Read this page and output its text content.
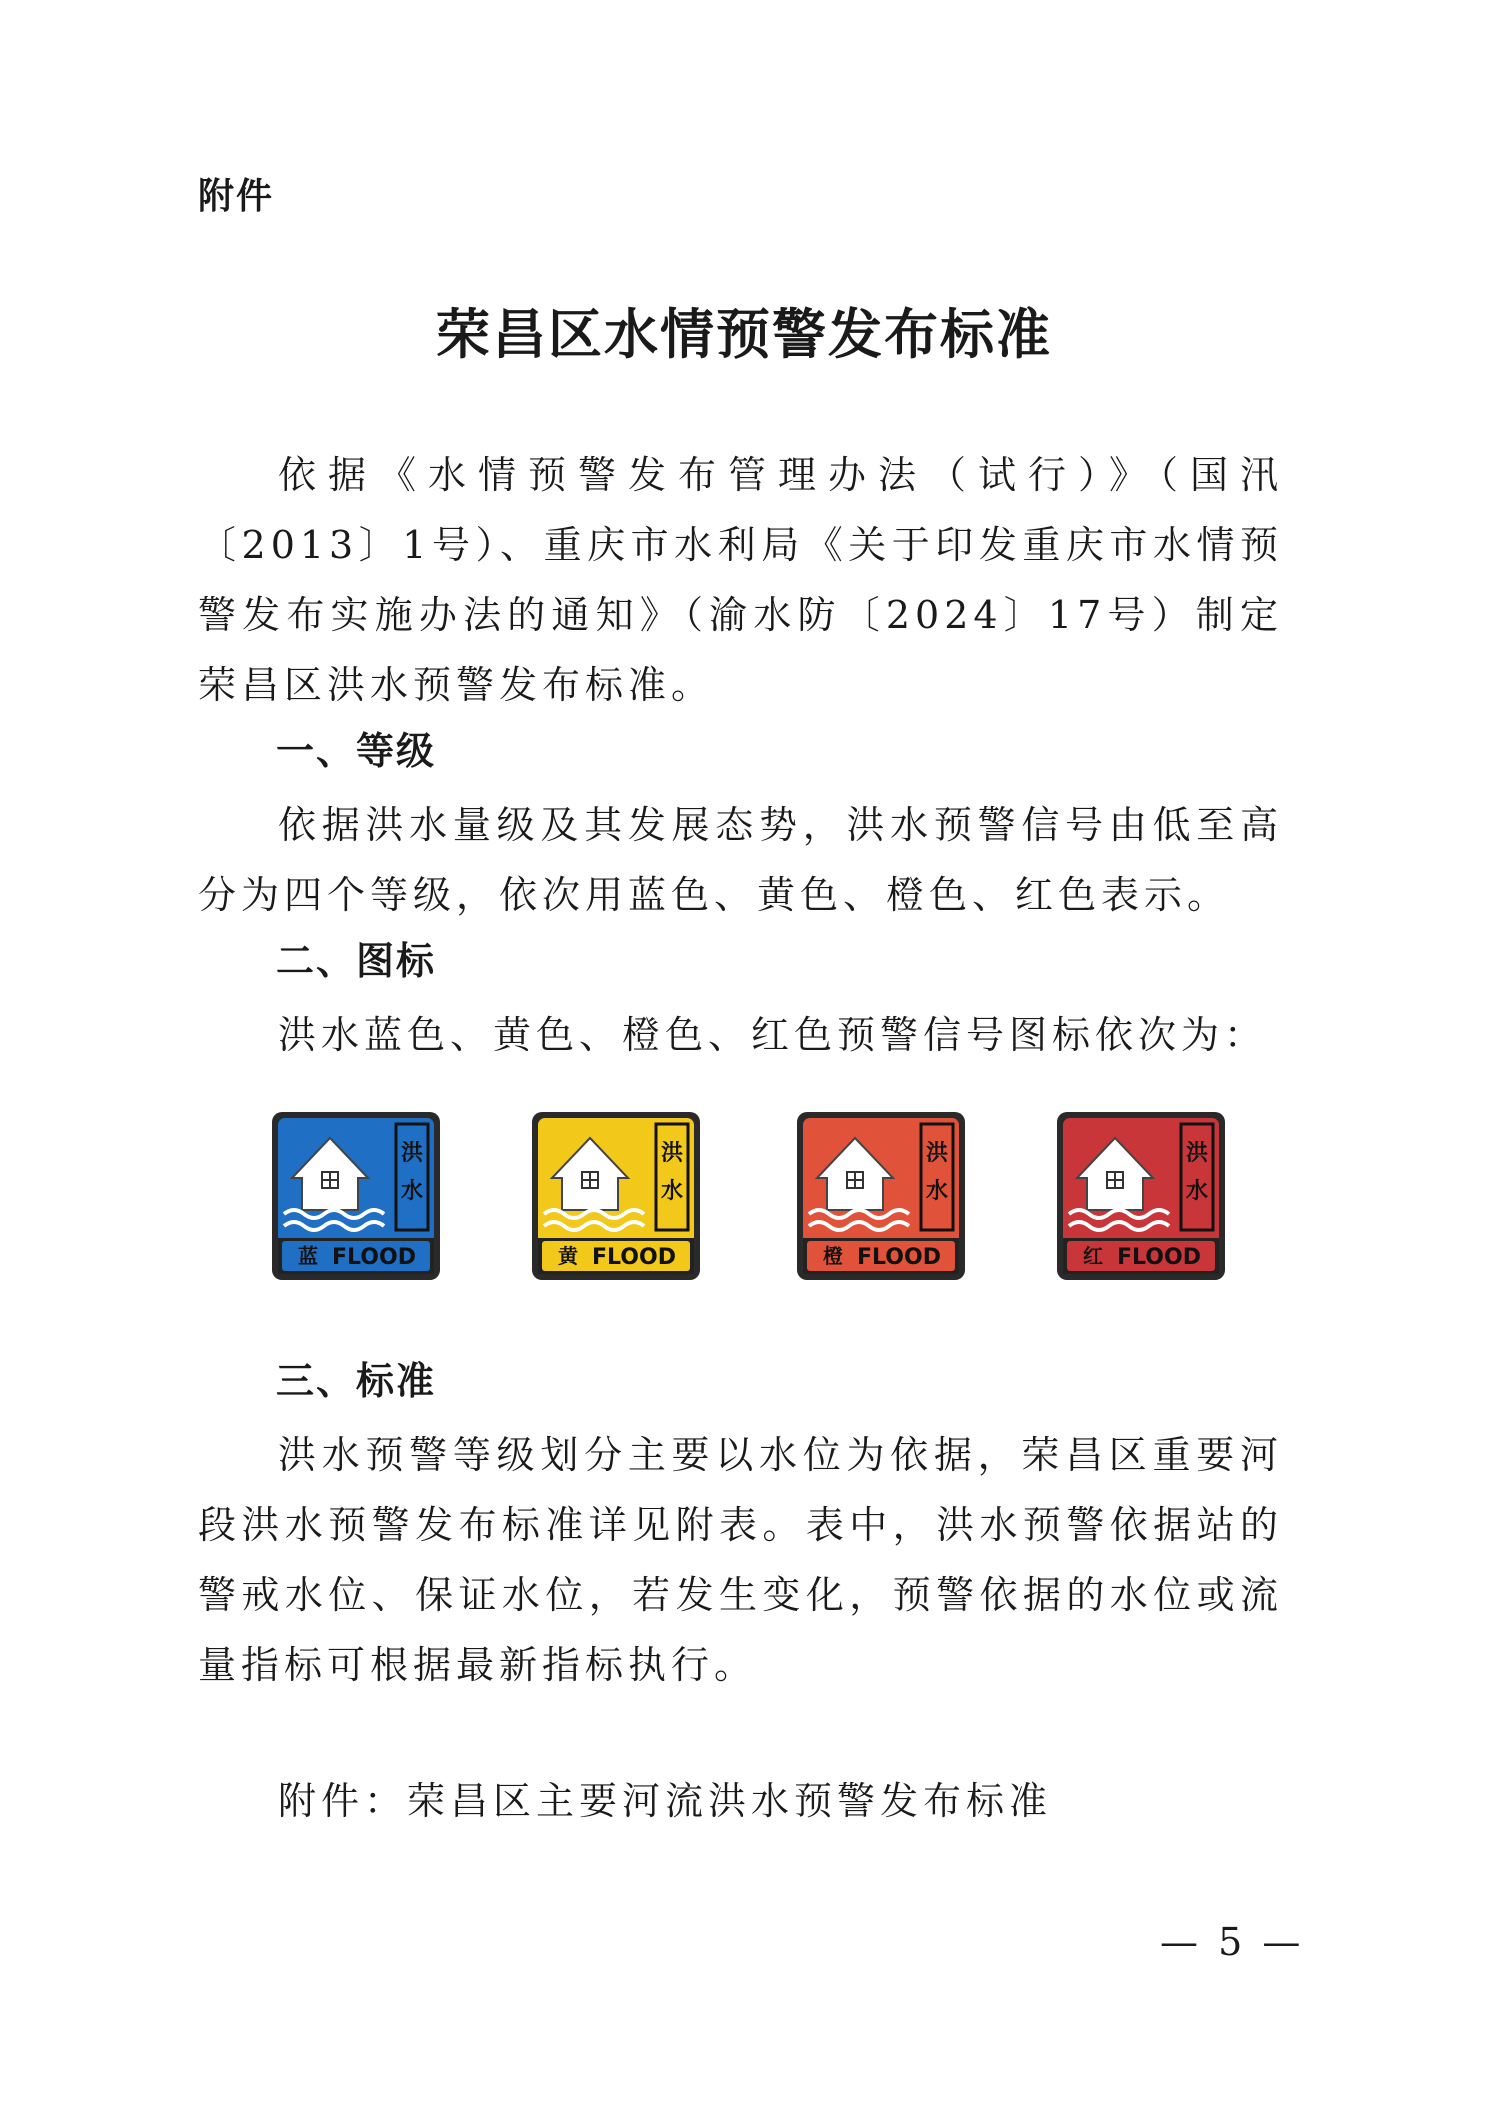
附件
荣昌区水情预警发布标准
依据《水情预警发布管理办法（试行）》（国汛〔2013〕1号）、重庆市水利局《关于印发重庆市水情预警发布实施办法的通知》（渝水防〔2024〕17号）制定荣昌区洪水预警发布标准。
一、等级
依据洪水量级及其发展态势，洪水预警信号由低至高分为四个等级，依次用蓝色、黄色、橙色、红色表示。
二、图标
洪水蓝色、黄色、橙色、红色预警信号图标依次为：
洪
水
蓝 FLOOD
洪
水
黄 FLOOD
洪
水
橙 FLOOD
洪
水
红 FLOOD
三、标准
洪水预警等级划分主要以水位为依据，荣昌区重要河段洪水预警发布标准详见附表。表中，洪水预警依据站的警戒水位、保证水位，若发生变化，预警依据的水位或流量指标可根据最新指标执行。
附件：荣昌区主要河流洪水预警发布标准
— 5 —
